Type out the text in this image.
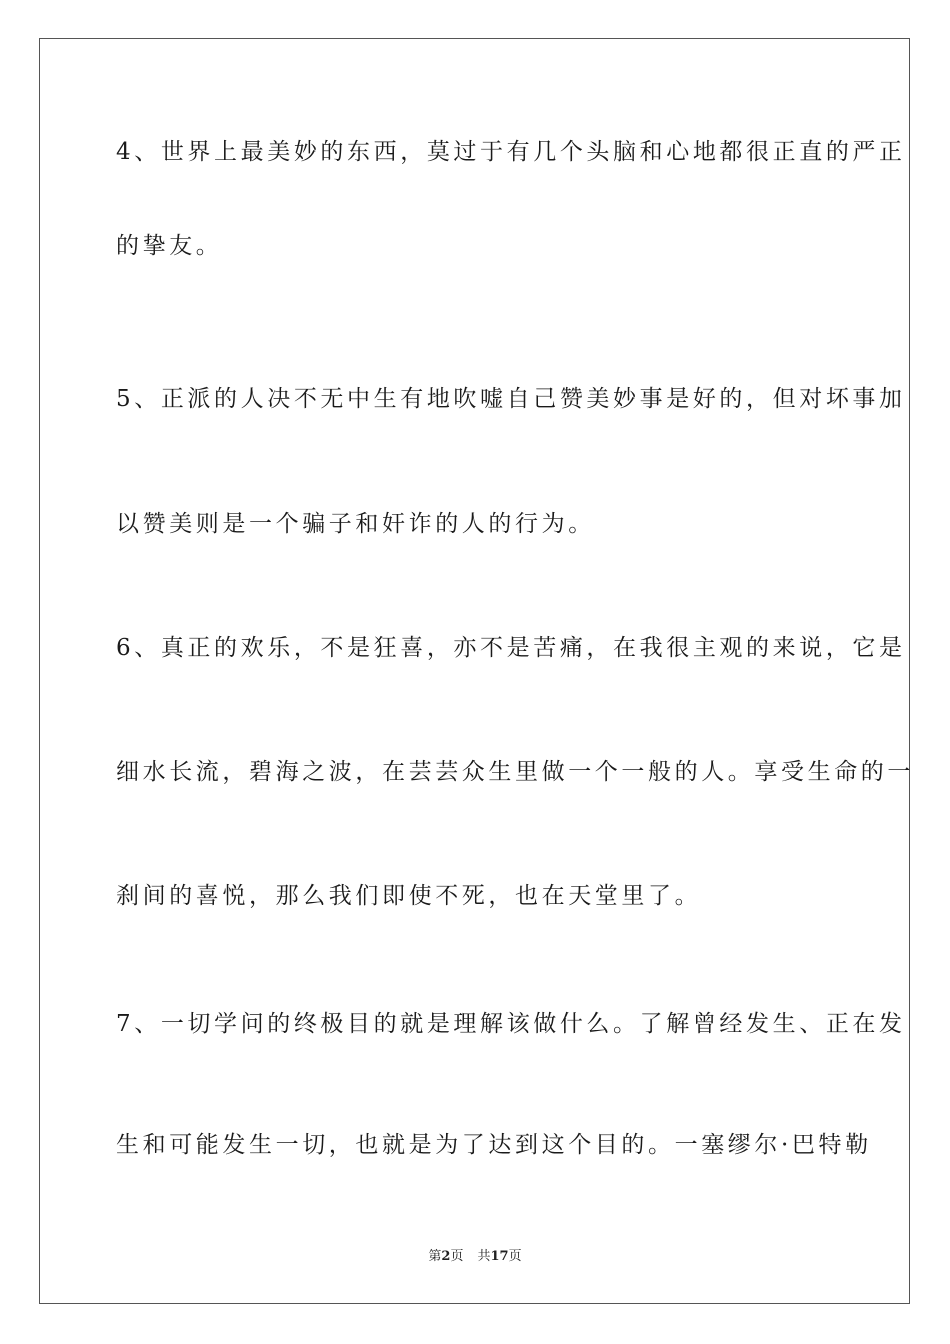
4、世界上最美妙的东西，莫过于有几个头脑和心地都很正直的严正
的挚友。
5、正派的人决不无中生有地吹嘘自己赞美妙事是好的，但对坏事加
以赞美则是一个骗子和奸诈的人的行为。
6、真正的欢乐，不是狂喜，亦不是苦痛，在我很主观的来说，它是
细水长流，碧海之波，在芸芸众生里做一个一般的人。享受生命的一
刹间的喜悦，那么我们即使不死，也在天堂里了。
7、一切学问的终极目的就是理解该做什么。了解曾经发生、正在发
生和可能发生一切，也就是为了达到这个目的。一塞缪尔·巴特勒
第2页 共17页
